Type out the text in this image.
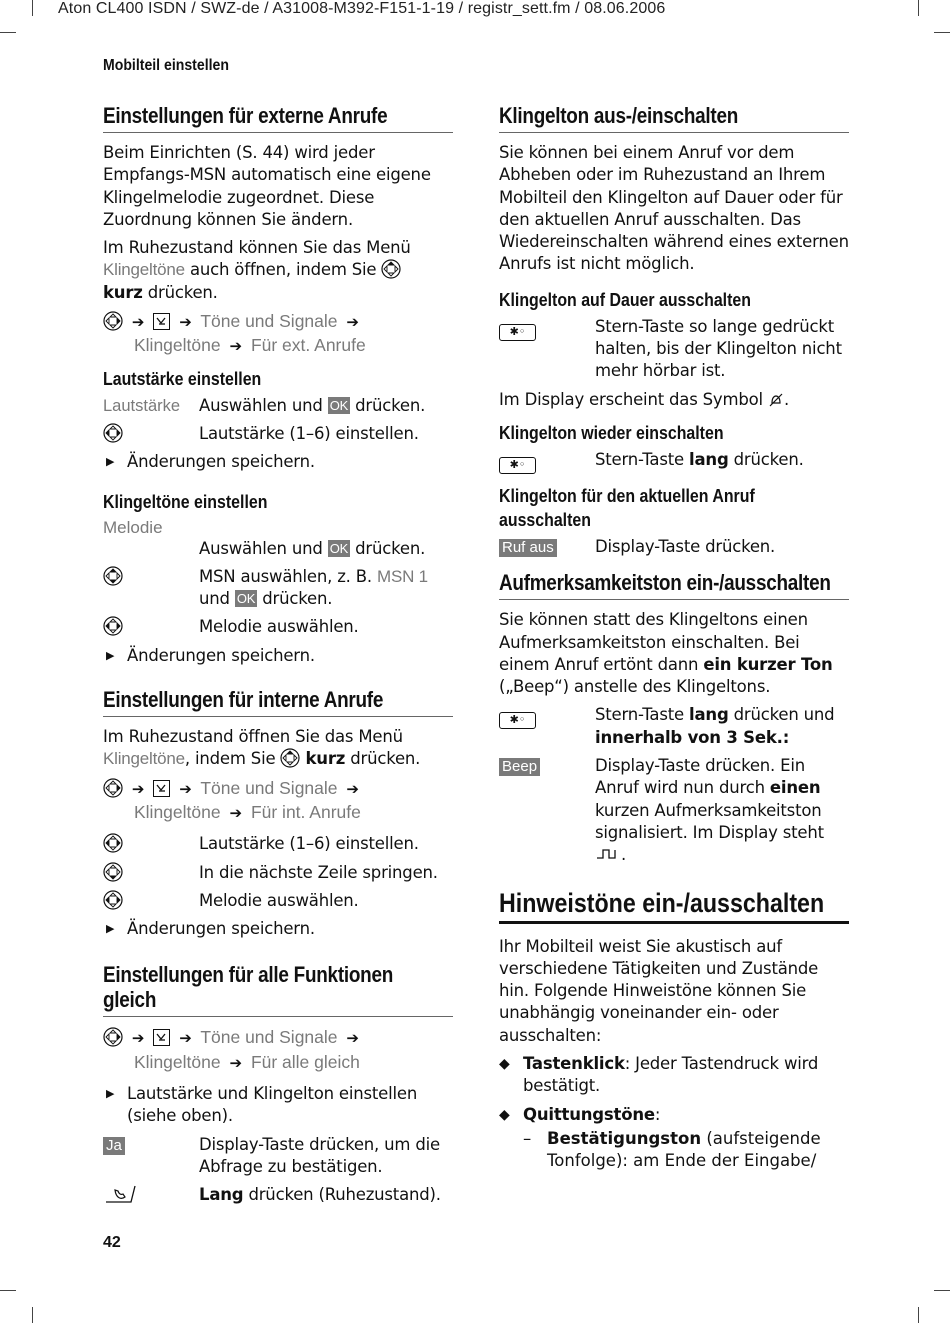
Aton CL400 ISDN / SWZ-de / A31008-M392-F151-1-19 / registr_sett.fm / 08.06.2006
Mobilteil einstellen
Einstellungen für externe Anrufe

Beim Einrichten (S. 44) wird jeder Empfangs-MSN automatisch eine eigene Klingelmelodie zugeordnet. Diese Zuordnung können Sie ändern.

Im Ruhezustand können Sie das Menü Klingeltöne auch öffnen, indem Sie
kurz drücken.

➔ ➔ Töne und Signale ➔
Klingeltöne ➔ Für ext. Anrufe
Lautstärke einstellen
Lautstärke	Auswählen und OK drücken.
Lautstärke (1–6) einstellen.
▶ Änderungen speichern.
Klingeltöne einstellen
Melodie
Auswählen und OK drücken.
MSN auswählen, z. B. MSN 1
und OK drücken.
Melodie auswählen.
▶ Änderungen speichern.
Einstellungen für interne Anrufe

Im Ruhezustand öffnen Sie das Menü Klingeltöne, indem Sie kurz drücken.

➔ ➔ Töne und Signale ➔
Klingeltöne ➔ Für int. Anrufe
Lautstärke (1–6) einstellen.
In die nächste Zeile springen.
Melodie auswählen.
▶ Änderungen speichern.
Einstellungen für alle Funktionen
gleich
➔ ➔ Töne und Signale ➔
Klingeltöne ➔ Für alle gleich
▶ Lautstärke und Klingelton einstellen (siehe oben).
Ja	Display-Taste drücken, um die Abfrage zu bestätigen.
Lang drücken (Ruhezustand).
Klingelton aus-/einschalten

Sie können bei einem Anruf vor dem Abheben oder im Ruhezustand an Ihrem Mobilteil den Klingelton auf Dauer oder für den aktuellen Anruf ausschalten. Das Wiedereinschalten während eines externen Anrufs ist nicht möglich.

Klingelton auf Dauer ausschalten
✱◦	Stern-Taste so lange gedrückt halten, bis der Klingelton nicht mehr hörbar ist.

Im Display erscheint das Symbol .

Klingelton wieder einschalten
✱◦	Stern-Taste lang drücken.
Klingelton für den aktuellen Anruf
ausschalten
Ruf aus	Display-Taste drücken.
Aufmerksamkeitston ein-/ausschalten

Sie können statt des Klingeltons einen Aufmerksamkeitston einschalten. Bei einem Anruf ertönt dann ein kurzer Ton („Beep“) anstelle des Klingeltons.

✱◦	Stern-Taste lang drücken und innerhalb von 3 Sek.:
Beep	Display-Taste drücken. Ein Anruf wird nun durch einen kurzen Aufmerksamkeitston signalisiert. Im Display steht
.
Hinweistöne ein-/ausschalten

Ihr Mobilteil weist Sie akustisch auf verschiedene Tätigkeiten und Zustände hin. Folgende Hinweistöne können Sie unabhängig voneinander ein- oder ausschalten:

◆ Tastenklick: Jeder Tastendruck wird bestätigt.
◆ Quittungstöne:
– Bestätigungston (aufsteigende Tonfolge): am Ende der Eingabe/
42
